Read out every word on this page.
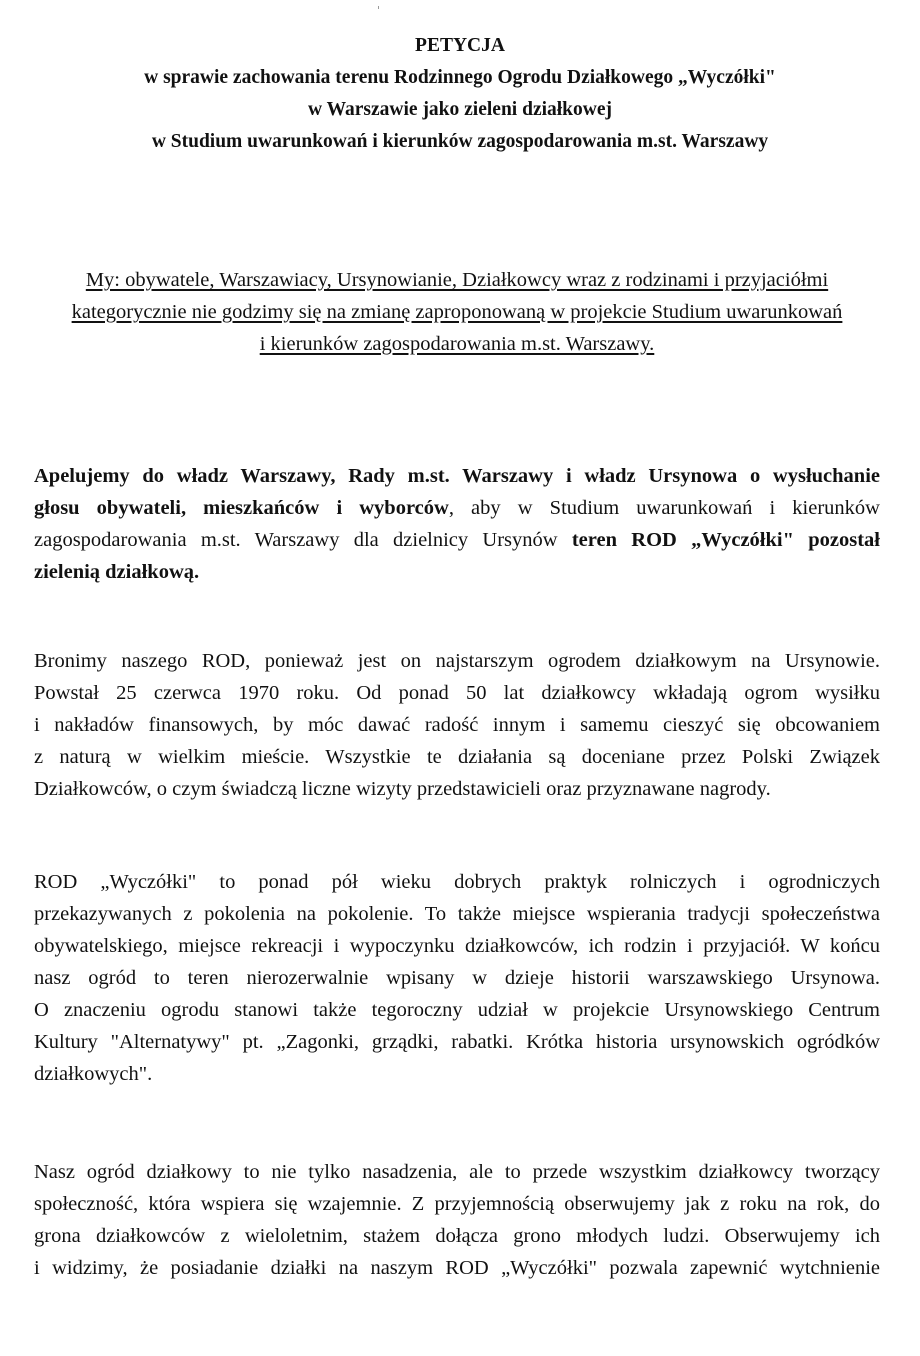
PETYCJA
w sprawie zachowania terenu Rodzinnego Ogrodu Działkowego „Wyczółki"
w Warszawie jako zieleni działkowej
w Studium uwarunkowań i kierunków zagospodarowania m.st. Warszawy
My: obywatele, Warszawiacy, Ursynowianie, Działkowcy wraz z rodzinami i przyjaciółmi
kategorycznie nie godzimy się na zmianę zaproponowaną w projekcie Studium uwarunkowań
i kierunków zagospodarowania m.st. Warszawy.
Apelujemy do władz Warszawy, Rady m.st. Warszawy i władz Ursynowa o wysłuchanie
głosu obywateli, mieszkańców i wyborców, aby w Studium uwarunkowań i kierunków
zagospodarowania m.st. Warszawy dla dzielnicy Ursynów teren ROD „Wyczółki" pozostał
zielenią działkową.
Bronimy naszego ROD, ponieważ jest on najstarszym ogrodem działkowym na Ursynowie.
Powstał 25 czerwca 1970 roku. Od ponad 50 lat działkowcy wkładają ogrom wysiłku
i nakładów finansowych, by móc dawać radość innym i samemu cieszyć się obcowaniem
z naturą w wielkim mieście. Wszystkie te działania są doceniane przez Polski Związek
Działkowców, o czym świadczą liczne wizyty przedstawicieli oraz przyznawane nagrody.
ROD „Wyczółki" to ponad pół wieku dobrych praktyk rolniczych i ogrodniczych
przekazywanych z pokolenia na pokolenie. To także miejsce wspierania tradycji społeczeństwa
obywatelskiego, miejsce rekreacji i wypoczynku działkowców, ich rodzin i przyjaciół. W końcu
nasz ogród to teren nierozerwalnie wpisany w dzieje historii warszawskiego Ursynowa.
O znaczeniu ogrodu stanowi także tegoroczny udział w projekcie Ursynowskiego Centrum
Kultury "Alternatywy" pt. „Zagonki, grządki, rabatki. Krótka historia ursynowskich ogródków
działkowych".
Nasz ogród działkowy to nie tylko nasadzenia, ale to przede wszystkim działkowcy tworzący
społeczność, która wspiera się wzajemnie. Z przyjemnością obserwujemy jak z roku na rok, do
grona działkowców z wieloletnim, stażem dołącza grono młodych ludzi. Obserwujemy ich
i widzimy, że posiadanie działki na naszym ROD „Wyczółki" pozwala zapewnić wytchnienie
